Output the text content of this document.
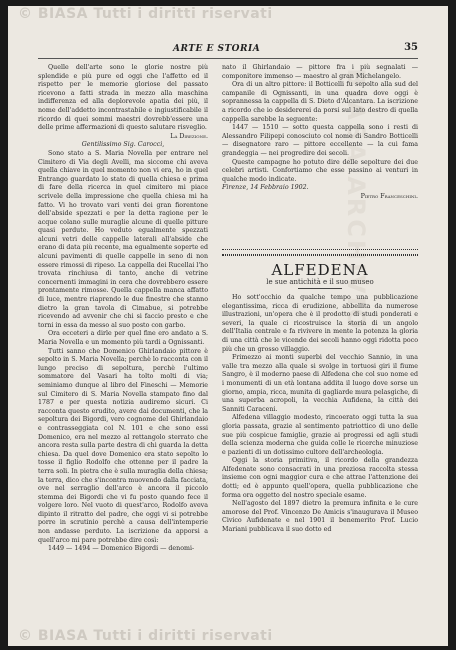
© BIASA Tutti i diritti riservati
BIASA ARCHIVIO
ARTE E STORIA	35

Quelle dell'arte sono le glorie nostre più splendide e più pure ed oggi che l'affetto ed il rispetto per le memorie gloriose del passato ricevono a fatti strada in mezzo alla maschina indifferenza ed alla deplorevole apatia dei più, il nome dell'addetto incontrastabile e ingiustificabile il ricordo di quei sommi maestri dovrebb'essere una delle prime affermazioni di questo salutare risveglio.

La Direzione.

Gentilissimo Sig. Carocci,

Sono stato a S. Maria Novella per entrare nel Cimitero di Via degli Avelli, ma siccome chi aveva quella chiave in quel momento non vi era, ho in quel Entrango guardato lo stato di quella chiesa e prima di fare della ricerca in quel cimitero mi piace scrivele della impressione che quella chiesa mi ha fatto. Vi ho trovato vari venti dei gran fiorentone dell'abside spezzati e per la detta ragione per le acque colano sulle muraglie alcune di quelle pitture quasi perdute. Ho veduto egualmente spezzati alcuni vetri delle cappelle laterali all'abside che erano di data più recente, ma egualmente soperte ed alcuni pavimenti di quelle cappelle in seno di non essere rimossi di ripeso. La cappella dei Rucellai l'ho trovata rinchiusa di tanto, anche di vetrine concernenti immagini in cera che dovrebbero essere prontamente rimosse. Quella cappella manca affatto di luce, mentre riaprendo le due finestre che stanno dietro la gran tavola di Cimabue, si potrebbe ricevendo ad avvenir che chi si faccio presto e che torni in essa da messo al suo posto con garbo.

Ora ecceteri a dirle per quel fine ero andato a S. Maria Novella e un momento più tardi a Ognissanti.

Tutti sanno che Domenico Ghirlandaio pittore è sepolto in S. Maria Novella; perchè lo racconta con il lungo preciso di sepoltura, perchè l'ultimo sommatore del Vasari ha tolto molti di via; seminiamo dunque al libro del Fineschi — Memorie sul Cimitero di S. Maria Novella stampato fino dal 1787 e per questa notizia audiremo sicuri. Ci racconta questo erudito, avere dai documenti, che la sepoltura dei Bigordi, vero cognome del Ghirlandaio e contrasseggiata col N. 101 e che sono essi Domenico, era nel mezzo al rettangolo sterrato che ancora resta sulla parte destra di chi guarda la detta chiesa. Da quel dove Domenico era stato sepolto lo tosse il figlio Rodolfo che ottenne per il padre la terra soli. In pietra che è sulla muraglia della chiesa; la terra, dico che s'incontra muovendo dalla facciata, ove nel serraglio dell'arco è ancora il piccolo stemma dei Bigordi che vi fu posto quando fece il volgere loro. Nel vuoto di quest'arco, Rodolfo aveva dipinto il ritratto del padre, che oggi vi si potrebbe porre in scrutinio perchè a causa dell'intemperie non andasse perduto. La iscrizione da apporsi a quell'arco mi pare potrebbe dire così:

1449 — 1494 — Domenico Bigordi — denomi-

nato il Ghirlandaio — pittore fra i più segnalati — componitore immenso — maestro al gran Michelangelo.

Ora di un altro pittore: il Botticelli fu sepolto alla sud del campanile di Ognissanti, in una quadra dove oggi è soprannessa la cappella di S. Dieto d'Alcantara. La iscrizione a ricordo che io desidererei da porsi sul lato destro di quella cappella sarebbe la seguente:

1447 — 1510 — sotto questa cappella sono i resti di Alessandro Filipepi conosciuto col nome di Sandro Botticelli — disegnatore raro — pittore eccellente — la cui fama grandeggia — nei progredire dei secoli.

Queste campagne ho potuto dire delle sepolture dei due celebri artisti. Confortiamo che esse passino ai venturi in qualche modo indicate.

Firenze, 14 Febbraio 1902.

Pietro Franceschini.

ALFEDENA
le sue antichità e il suo museo

Ho sott'occhio da qualche tempo una pubblicazione elegantissima, ricca di erudizione, abbellita da numerose illustrazioni, un'opera che è il prodotto di studi ponderati e severi, la quale ci ricostruisce la storia di un angolo dell'Italia centrale e fa rivivere in mente la potenza la gloria di una città che le vicende dei secoli hanno oggi ridotta poco più che un grosso villaggio.

Frimezzo ai monti superbi del vecchio Sannio, in una valle tra mezzo alla quale si svolge in tortuosi giri il fiume Sangro, è il moderno paese di Alfedena che col suo nome ed i monumenti di un età lontana addita il luogo dove sorse un giorno, ampia, ricca, munita di gagliarde mura pelasgiche, di una superba acropoli, la vecchia Aufidena, la città dei Sanniti Caraceni.

Alfedena villaggio modesto, rincoerato oggi tutta la sua gloria passata, grazie al sentimento patriottico di uno delle sue più cospicue famiglie, grazie ai progressi ed agli studi della scienza moderna che guida colle le ricerche minuziose e pazienti di un dotissimo cultore dell'archeologia.

Oggi la storia primitiva, il ricordo della grandezza Alfedenate sono consacrati in una preziosa raccolta stessa insieme con ogni maggior cura e che attrae l'attenzione dei dotti; ed è appunto quell'opera, quella pubblicazione che forma ora oggetto del nostro speciale esame.

Nell'agosto del 1897 dietro la premura infinita e le cure amorose del Prof. Vincenzo De Amicis s'inaugurava il Museo Civico Aufidenate e nel 1901 il benemerito Prof. Lucio Mariani pubblicava il suo dotto ed

© BIASA Tutti i diritti riservati
